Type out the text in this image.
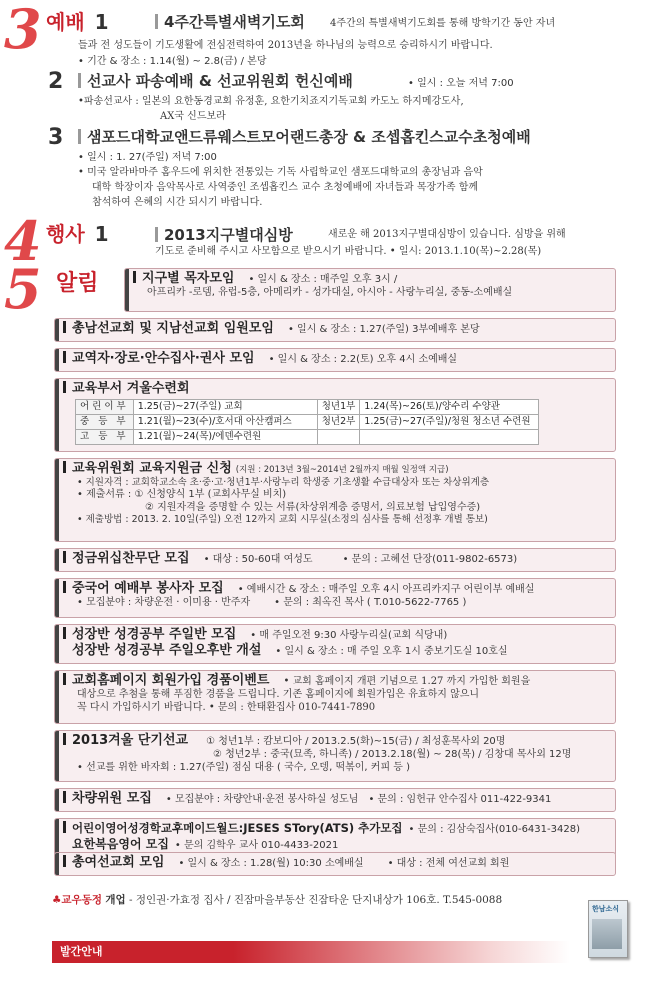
3 예배 1	4주간특별새벽기도회	4주간의 특별새벽기도회를 통해 방학기간 동안 자녀
들과 전 성도들이 기도생활에 전심전력하여 2013년을 하나님의 능력으로 승리하시기 바랍니다.
• 기간 & 장소 : 1.14(월) ~ 2.8(금) / 본당
2	선교사 파송예배 & 선교위원회 헌신예배	• 일시 : 오늘 저녁 7:00
•파송선교사 : 일본의 요한동경교회 유정훈, 요한기치죠지기독교회 카도노 하지메강도사,
AX국 신드보라
3	샘포드대학교앤드류웨스트모어랜드총장 & 조셉홉킨스교수초청예배
• 일시 : 1. 27(주일) 저녁 7:00
• 미국 알라바마주 홈우드에 위치한 전통있는 기독 사립학교인 샘포드대학교의 총장님과 음악
대학 학장이자 음악목사로 사역중인 조셉홉킨스 교수 초청예배에 자녀들과 목장가족 함께
참석하여 은혜의 시간 되시기 바랍니다.
4 행사 1	2013지구별대심방	새로운 해 2013지구별대심방이 있습니다. 심방을 위해
기도로 준비해 주시고 사모함으로 받으시기 바랍니다. • 일시: 2013.1.10(목)~2.28(목)
5 알림	지구별 목자모임 • 일시 & 장소 : 매주일 오후 3시 /
아프리카 -로뎀, 유럽-5층, 아메리카 - 성가대실, 아시아 - 사랑누리실, 중동-소예배실
총남선교회 및 지남선교회 임원모임 • 일시 & 장소 : 1.27(주일) 3부예배후 본당
교역자·장로·안수집사·권사 모임 • 일시 & 장소 : 2.2(토) 오후 4시 소예배실
교육부서 겨울수련회
어린이부	1.25(금)~27(주일) 교회	청년1부	1.24(목)~26(토)/양수리 수양관
중 등 부	1.21(월)~23(수)/호서대 아산캠퍼스	청년2부	1.25(금)~27(주일)/청원 청소년 수련원
고 등 부	1.21(월)~24(목)/에덴수련원		
교육위원회 교육지원금 신청 (지원 : 2013년 3월~2014년 2월까지 매월 일정액 지급)
• 지원자격 : 교회학교소속 초·중·고·청년1부·사랑누리 학생중 기초생활 수급대상자 또는 차상위계층
• 제출서류 : ① 신청양식 1부 (교회사무실 비치)
② 지원자격을 증명할 수 있는 서류(차상위계층 증명서, 의료보험 납입영수증)
• 제출방법 : 2013. 2. 10일(주일) 오전 12까지 교회 시무실(소정의 심사를 통해 선정후 개별 통보)
정금위십찬무단 모집 • 대상 : 50-60대 여성도	• 문의 : 고혜선 단장(011-9802-6573)
중국어 예배부 봉사자 모집 • 예배시간 & 장소 : 매주일 오후 4시 아프리카지구 어린이부 예배실
• 모집분야 : 차량운전 · 이미용 · 반주자 • 문의 : 최옥진 목사 ( T.010-5622-7765 )
성장반 성경공부 주일반 모집 • 매 주일오전 9:30 사랑누리실(교회 식당내)
성장반 성경공부 주일오후반 개설 • 일시 & 장소 : 매 주일 오후 1시 중보기도실 10호실
교회홈페이지 회원가입 경품이벤트 • 교회 홈페이지 개편 기념으로 1.27 까지 가입한 회원을
대상으로 추첨을 통해 푸짐한 경품을 드립니다. 기존 홈페이지에 회원가입은 유효하지 않으니
꼭 다시 가입하시기 바랍니다. • 문의 : 한태환집사 010-7441-7890
2013겨울 단기선교 ① 청년1부 : 캄보디아 / 2013.2.5(화)~15(금) / 최성훈목사외 20명
② 청년2부 : 중국(묘족, 하니족) / 2013.2.18(월) ~ 28(목) / 김창대 목사외 12명
• 선교를 위한 바자회 : 1.27(주일) 점심 대용 ( 국수, 오뎅, 떡볶이, 커피 등 )
차량위원 모집 • 모집분야 : 차량안내·운전 봉사하실 성도님 • 문의 : 임헌규 안수집사 011-422-9341
어린이영어성경학교후메이드월드:JESES STory(ATS) 추가모집 • 문의 : 김삼숙집사(010-6431-3428)
요한복음영어 모집 • 문의 김학우 교사 010-4433-2021
총여선교회 모임 • 일시 & 장소 : 1.28(월) 10:30 소예배실 • 대상 : 전체 여선교회 회원
♣교우동정 개업 - 정인권·가효정 집사 / 진잠마을부동산 진잠타운 단지내상가 106호. T.545-0088
발간안내
한남소식
